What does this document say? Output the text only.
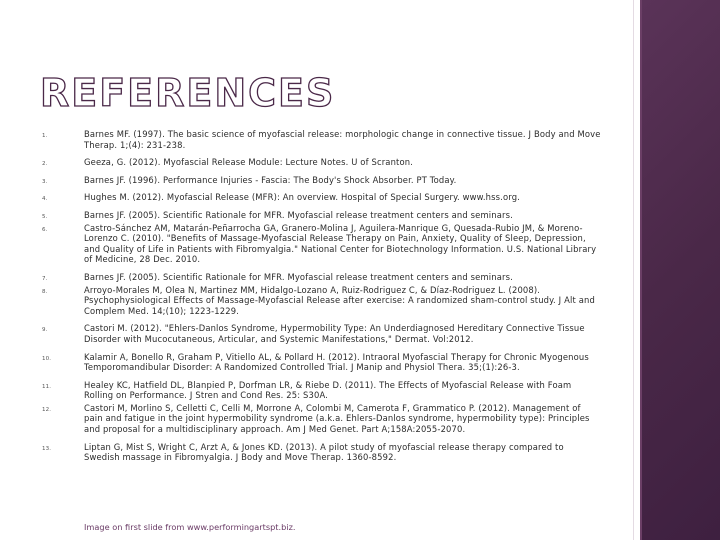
REFERENCES
1.	Barnes MF. (1997). The basic science of myofascial release: morphologic change in connective tissue. J Body and Move Therap. 1;(4): 231-238.
2.	Geeza, G. (2012). Myofascial Release Module: Lecture Notes. U of Scranton.
3.	Barnes JF. (1996). Performance Injuries - Fascia: The Body's Shock Absorber. PT Today.
4.	Hughes M. (2012). Myofascial Release (MFR): An overview. Hospital of Special Surgery. www.hss.org.
5.	Barnes JF. (2005). Scientific Rationale for MFR. Myofascial release treatment centers and seminars.
6.	Castro-Sánchez AM, Matarán-Peñarrocha GA, Granero-Molina J, Aguilera-Manrique G, Quesada-Rubio JM, & Moreno-Lorenzo C. (2010). "Benefits of Massage-Myofascial Release Therapy on Pain, Anxiety, Quality of Sleep, Depression, and Quality of Life in Patients with Fibromyalgia." National Center for Biotechnology Information. U.S. National Library of Medicine, 28 Dec. 2010.
7.	Barnes JF. (2005). Scientific Rationale for MFR. Myofascial release treatment centers and seminars.
8.	Arroyo-Morales M, Olea N, Martinez MM, Hidalgo-Lozano A, Ruiz-Rodriguez C, & Díaz-Rodriguez L. (2008). Psychophysiological Effects of Massage-Myofascial Release after exercise: A randomized sham-control study. J Alt and Complem Med. 14;(10); 1223-1229.
9.	Castori M. (2012). "Ehlers-Danlos Syndrome, Hypermobility Type: An Underdiagnosed Hereditary Connective Tissue Disorder with Mucocutaneous, Articular, and Systemic Manifestations," Dermat. Vol:2012.
10.	Kalamir A, Bonello R, Graham P, Vitiello AL, & Pollard H. (2012). Intraoral Myofascial Therapy for Chronic Myogenous Temporomandibular Disorder: A Randomized Controlled Trial. J Manip and Physiol Thera. 35;(1):26-3.
11.	Healey KC, Hatfield DL, Blanpied P, Dorfman LR, & Riebe D. (2011). The Effects of Myofascial Release with Foam Rolling on Performance. J Stren and Cond Res. 25: S30A.
12.	Castori M, Morlino S, Celletti C, Celli M, Morrone A, Colombi M, Camerota F, Grammatico P. (2012). Management of pain and fatigue in the joint hypermobility syndrome (a.k.a. Ehlers-Danlos syndrome, hypermobility type): Principles and proposal for a multidisciplinary approach. Am J Med Genet. Part A;158A:2055-2070.
13.	Liptan G, Mist S, Wright C, Arzt A, & Jones KD. (2013). A pilot study of myofascial release therapy compared to Swedish massage in Fibromyalgia. J Body and Move Therap. 1360-8592.
Image on first slide from www.performingartspt.biz.
